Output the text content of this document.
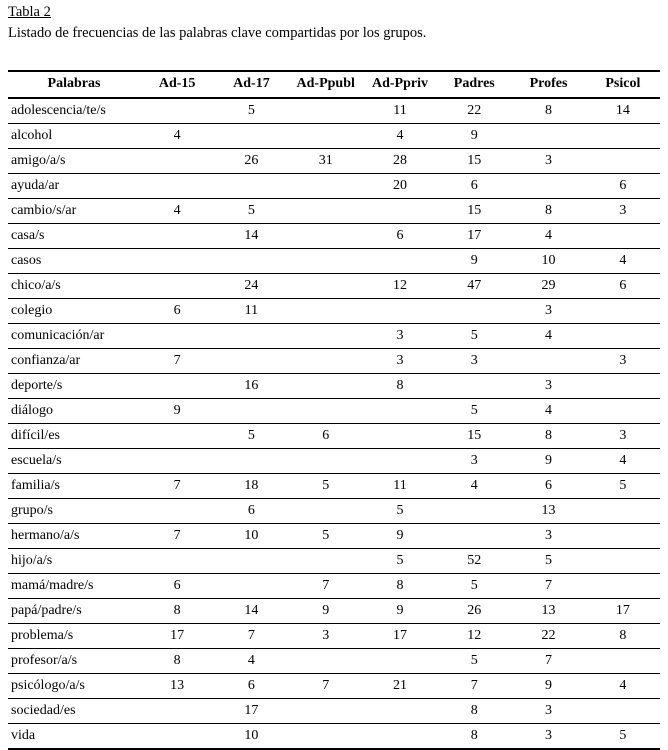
Tabla 2

Listado de frecuencias de las palabras clave compartidas por los grupos.

Palabras	Ad-15	Ad-17	Ad-Ppubl	Ad-Ppriv	Padres	Profes	Psicol
adolescencia/te/s		5		11	22	8	14
alcohol	4			4	9		
amigo/a/s		26	31	28	15	3	
ayuda/ar				20	6		6
cambio/s/ar	4	5			15	8	3
casa/s		14		6	17	4	
casos					9	10	4
chico/a/s		24		12	47	29	6
colegio	6	11				3	
comunicación/ar				3	5	4	
confianza/ar	7			3	3		3
deporte/s		16		8		3	
diálogo	9				5	4	
difícil/es		5	6		15	8	3
escuela/s					3	9	4
familia/s	7	18	5	11	4	6	5
grupo/s		6		5		13	
hermano/a/s	7	10	5	9		3	
hijo/a/s				5	52	5	
mamá/madre/s	6		7	8	5	7	
papá/padre/s	8	14	9	9	26	13	17
problema/s	17	7	3	17	12	22	8
profesor/a/s	8	4			5	7	
psicólogo/a/s	13	6	7	21	7	9	4
sociedad/es		17			8	3	
vida		10			8	3	5
